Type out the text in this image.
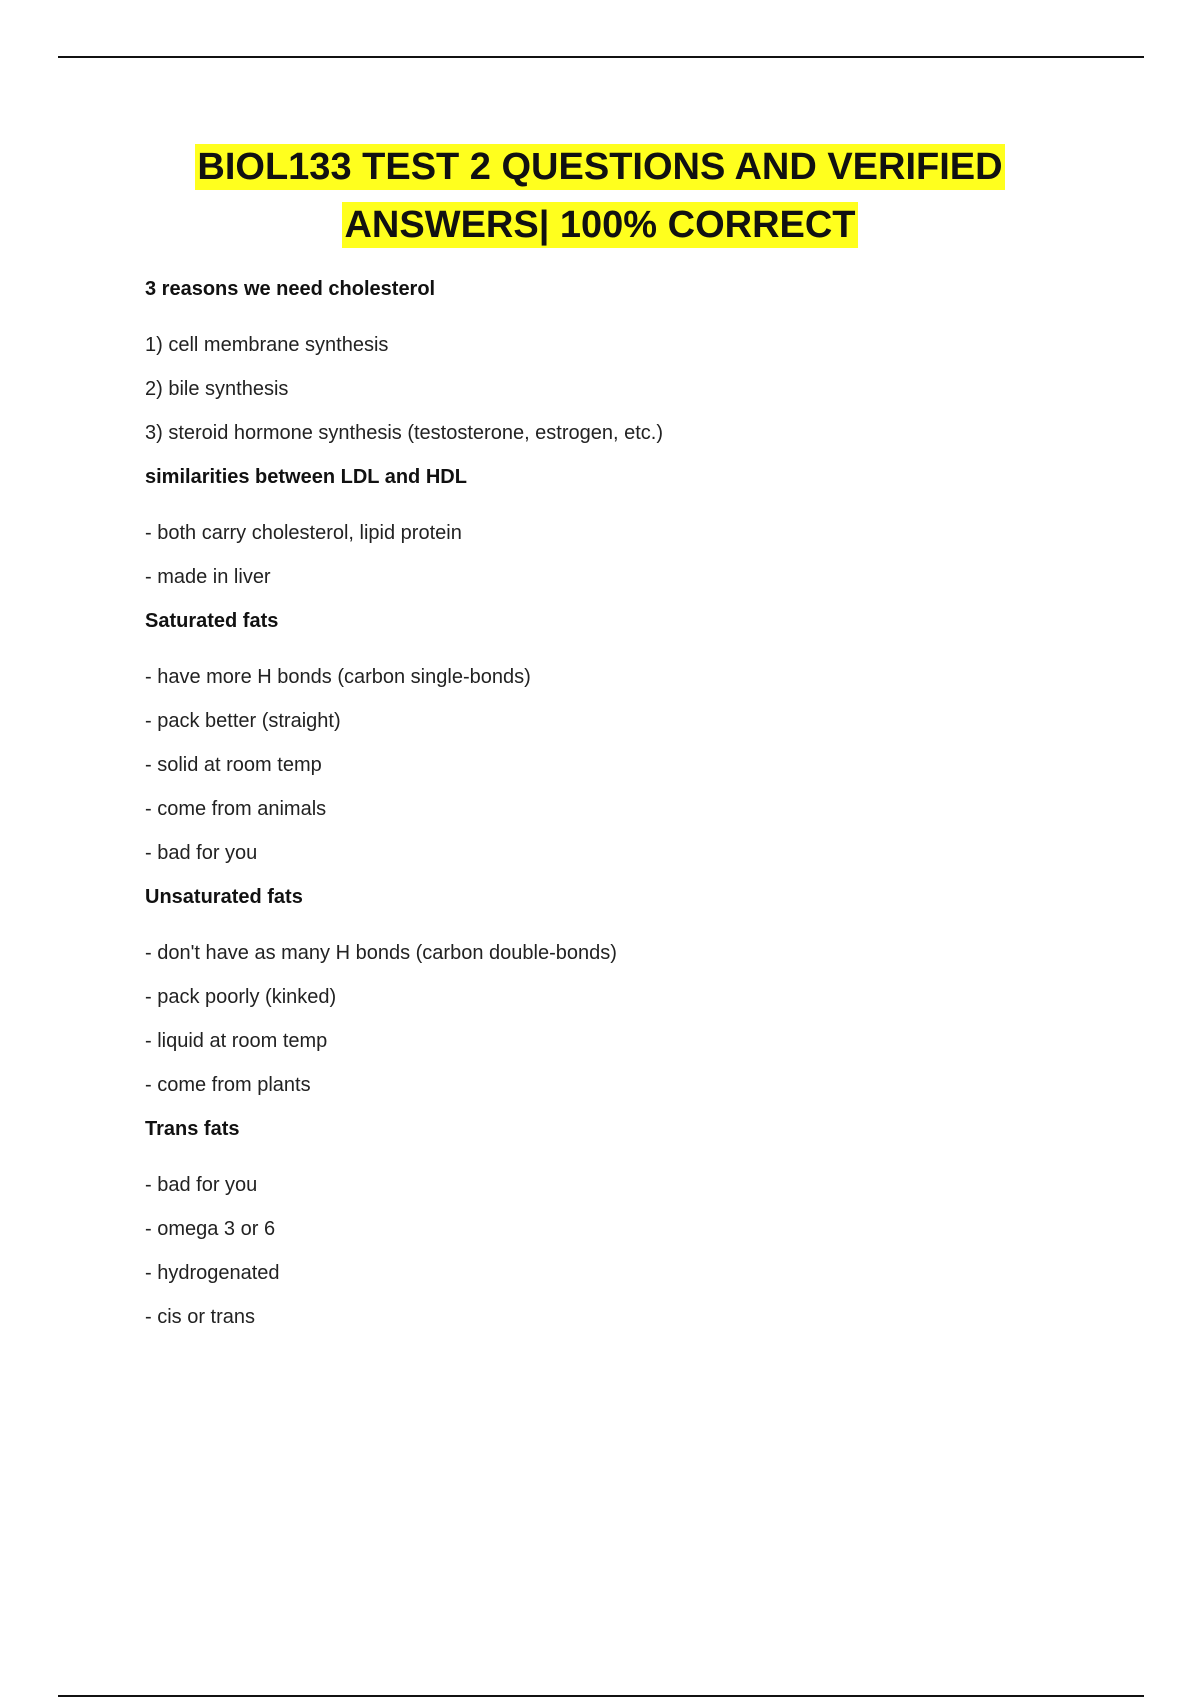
BIOL133 TEST 2 QUESTIONS AND VERIFIED
ANSWERS| 100% CORRECT

3 reasons we need cholesterol

1) cell membrane synthesis

2) bile synthesis

3) steroid hormone synthesis (testosterone, estrogen, etc.)

similarities between LDL and HDL

- both carry cholesterol, lipid protein

- made in liver

Saturated fats

- have more H bonds (carbon single-bonds)

- pack better (straight)

- solid at room temp

- come from animals

- bad for you

Unsaturated fats

- don't have as many H bonds (carbon double-bonds)

- pack poorly (kinked)

- liquid at room temp

- come from plants

Trans fats

- bad for you

- omega 3 or 6

- hydrogenated

- cis or trans
